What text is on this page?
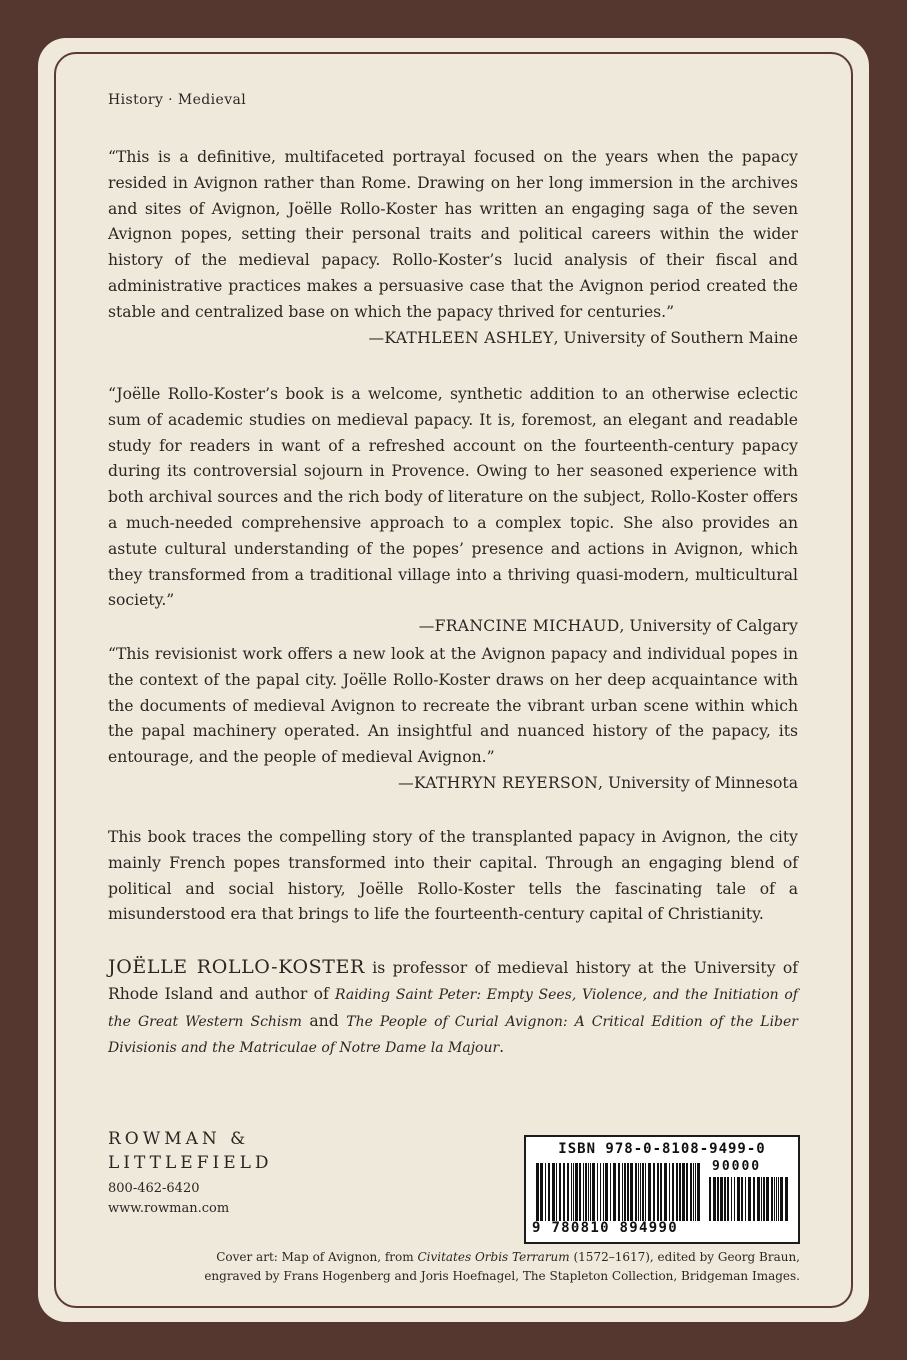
History · Medieval

“This is a definitive, multifaceted portrayal focused on the years when the papacy resided in Avignon rather than Rome. Drawing on her long immersion in the archives and sites of Avignon, Joëlle Rollo-Koster has written an engaging saga of the seven Avignon popes, setting their personal traits and political careers within the wider history of the medieval papacy. Rollo-Koster’s lucid analysis of their fiscal and administrative practices makes a persuasive case that the Avignon period created the stable and centralized base on which the papacy thrived for centuries.”

—KATHLEEN ASHLEY, University of Southern Maine

“Joëlle Rollo-Koster’s book is a welcome, synthetic addition to an otherwise eclectic sum of academic studies on medieval papacy. It is, foremost, an elegant and readable study for readers in want of a refreshed account on the fourteenth-century papacy during its controversial sojourn in Provence. Owing to her seasoned experience with both archival sources and the rich body of literature on the subject, Rollo-Koster offers a much-needed comprehensive approach to a complex topic. She also provides an astute cultural understanding of the popes’ presence and actions in Avignon, which they transformed from a traditional village into a thriving quasi-modern, multicultural society.”

—FRANCINE MICHAUD, University of Calgary

“This revisionist work offers a new look at the Avignon papacy and individual popes in the context of the papal city. Joëlle Rollo-Koster draws on her deep acquaintance with the documents of medieval Avignon to recreate the vibrant urban scene within which the papal machinery operated. An insightful and nuanced history of the papacy, its entourage, and the people of medieval Avignon.”

—KATHRYN REYERSON, University of Minnesota

This book traces the compelling story of the transplanted papacy in Avignon, the city mainly French popes transformed into their capital. Through an engaging blend of political and social history, Joëlle Rollo-Koster tells the fascinating tale of a misunderstood era that brings to life the fourteenth-century capital of Christianity.

JOËLLE ROLLO-KOSTER is professor of medieval history at the University of Rhode Island and author of Raiding Saint Peter: Empty Sees, Violence, and the Initiation of the Great Western Schism and The People of Curial Avignon: A Critical Edition of the Liber Divisionis and the Matriculae of Notre Dame la Majour.

ROWMAN &
LITTLEFIELD
800-462-6420
www.rowman.com
ISBN 978-0-8108-9499-0
90000
9 780810 894990
Cover art: Map of Avignon, from Civitates Orbis Terrarum (1572–1617), edited by Georg Braun,
engraved by Frans Hogenberg and Joris Hoefnagel, The Stapleton Collection, Bridgeman Images.
